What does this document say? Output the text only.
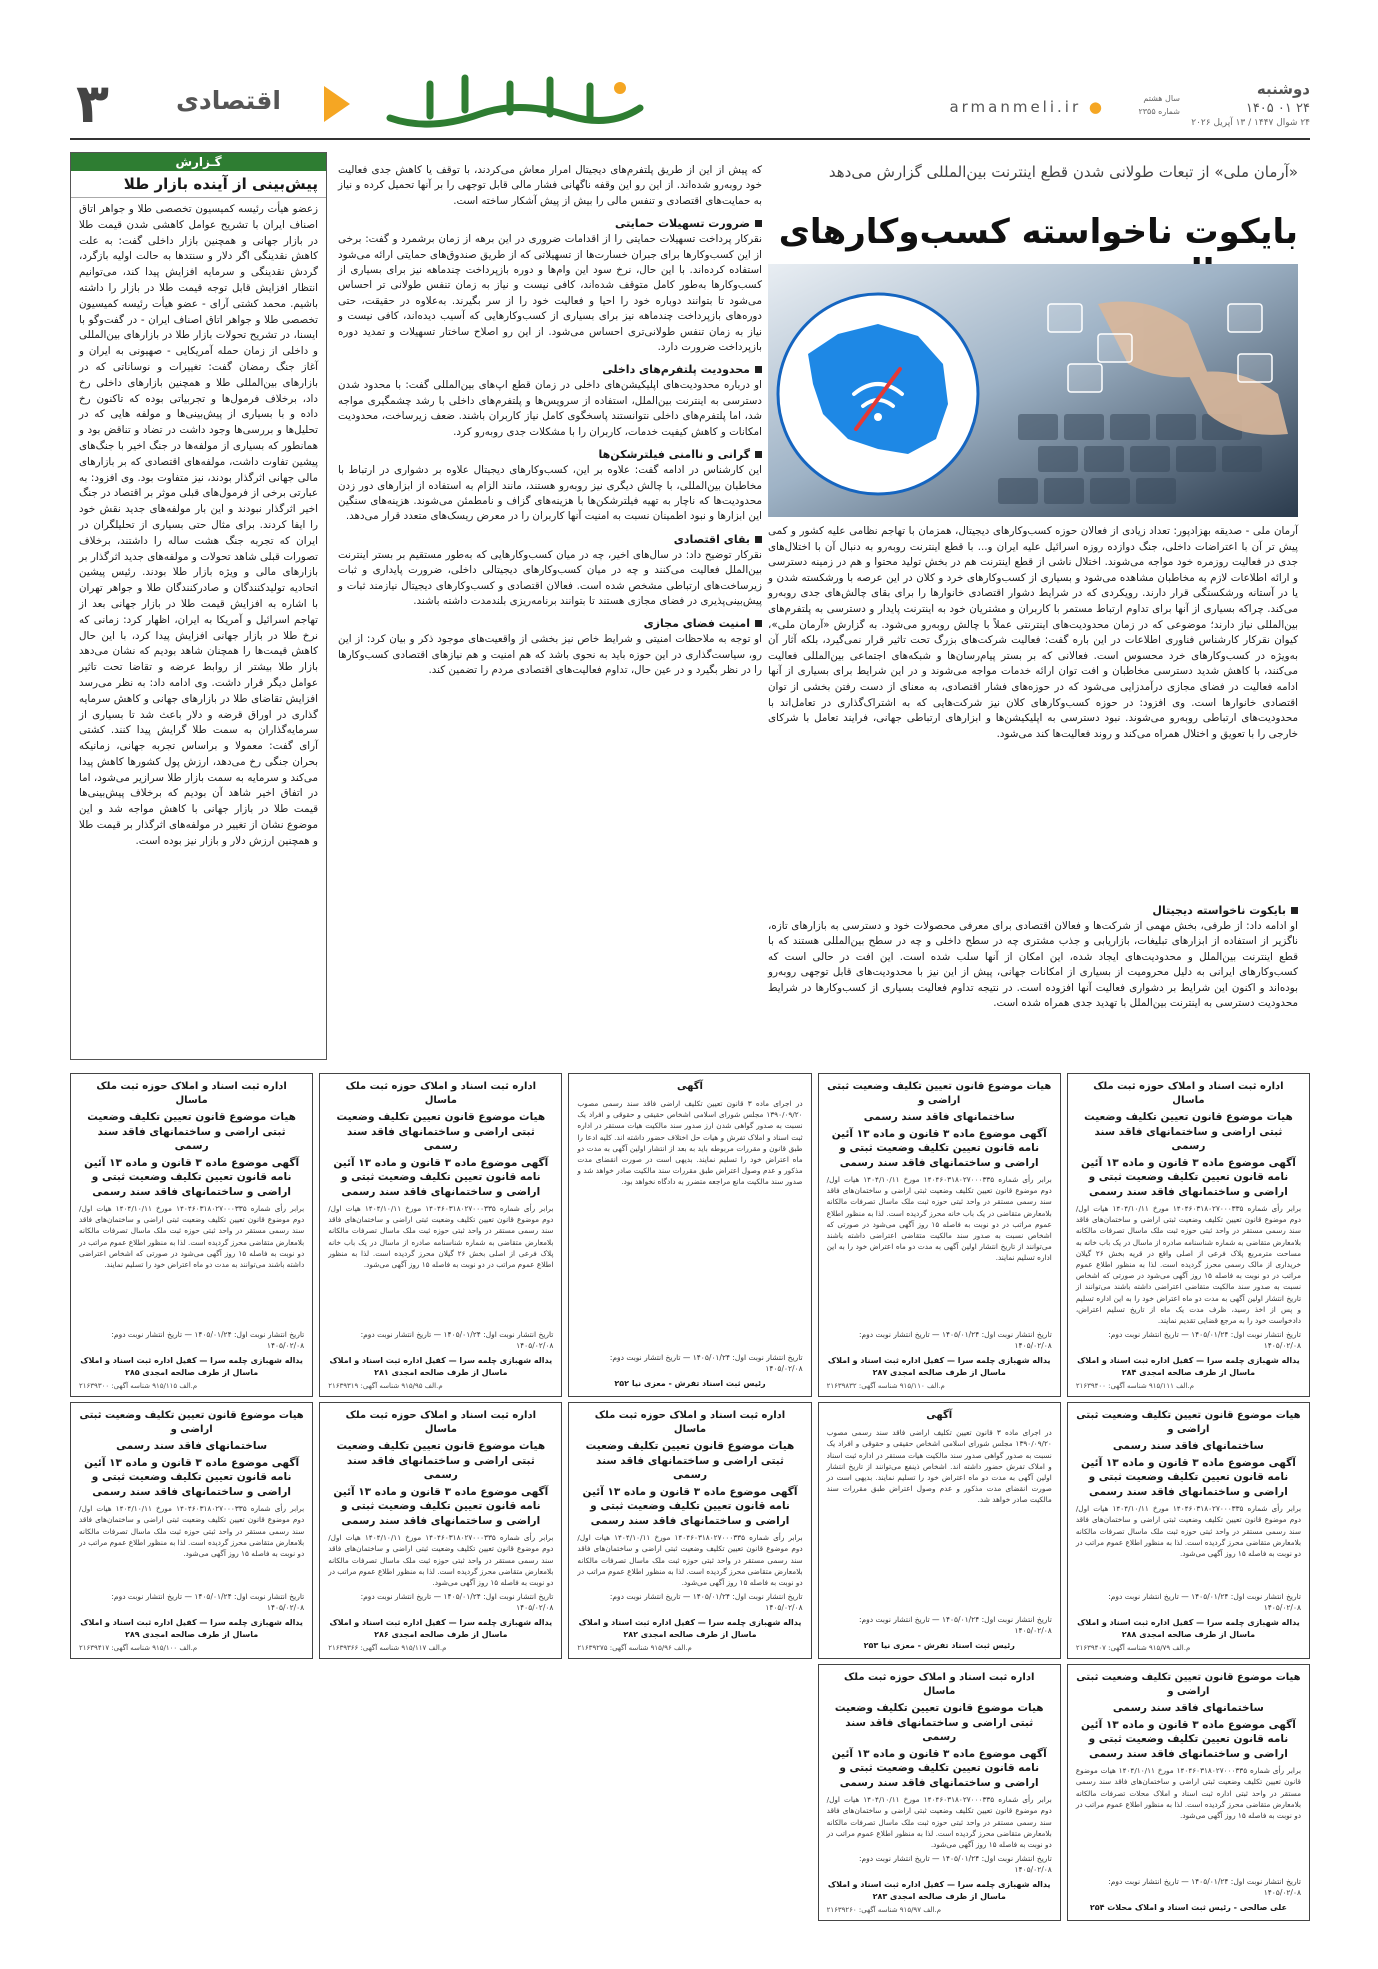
دوشنبه
۲۴ ۰۱ ۱۴۰۵
۲۴ شوال ۱۴۴۷ / ۱۳ آپریل ۲۰۲۶
سال هشتم
شماره ۲۳۵۵
armanmeli.ir ●
اقتصادی
۳
گـزارش
پیش‌بینی از آینده بازار طلا
زعضو هیأت رئیسه کمیسیون تخصصی طلا و جواهر اتاق اصناف ایران با تشریح عوامل کاهشی شدن قیمت طلا در بازار جهانی و همچنین بازار داخلی گفت: به علت کاهش نقدینگی اگر دلار و سنتدها به حالت اولیه بازگرد، گردش نقدینگی و سرمایه افزایش پیدا کند، می‌توانیم انتظار افزایش قابل توجه قیمت طلا در بازار را داشته باشیم. محمد کشتی آرای - عضو هیأت رئیسه کمیسیون تخصصی طلا و جواهر اتاق اصناف ایران - در گفت‌وگو با ایسنا، در تشریح تحولات بازار طلا در بازارهای بین‌المللی و داخلی از زمان حمله آمریکایی - صهیونی به ایران و آغاز جنگ رمضان گفت: تغییرات و نوساناتی که در بازارهای بین‌المللی طلا و همچنین بازارهای داخلی رخ داد، برخلاف فرمول‌ها و تجربیاتی بوده که تاکنون رخ داده و با بسیاری از پیش‌بینی‌ها و مولفه هایی که در تحلیل‌ها و بررسی‌ها وجود داشت در تضاد و تناقض بود و همانطور که بسیاری از مولفه‌ها در جنگ اخیر با جنگ‌های پیشین تفاوت داشت، مولفه‌های اقتصادی که بر بازارهای مالی جهانی اثرگذار بودند، نیز متفاوت بود. وی افزود: به عبارتی برخی از فرمول‌های قبلی موثر بر اقتصاد در جنگ اخیر اثرگذار نبودند و این بار مولفه‌های جدید نقش خود را ایفا کردند. برای مثال حتی بسیاری از تحلیلگران در ایران که تجربه جنگ هشت ساله را داشتند، برخلاف تصورات قبلی شاهد تحولات و مولفه‌های جدید اثرگذار بر بازارهای مالی و ویژه بازار طلا بودند. رئیس پیشین اتحادیه تولیدکنندگان و صادرکنندگان طلا و جواهر تهران با اشاره به افزایش قیمت طلا در بازار جهانی بعد از تهاجم اسرائیل و آمریکا به ایران، اظهار کرد: زمانی که نرخ طلا در بازار جهانی افزایش پیدا کرد، با این حال کاهش قیمت‌ها را همچنان شاهد بودیم که نشان می‌دهد بازار طلا بیشتر از روابط عرضه و تقاضا تحت تاثیر عوامل دیگر قرار داشت. وی ادامه داد: به نظر می‌رسد افزایش تقاضای طلا در بازارهای جهانی و کاهش سرمایه گذاری در اوراق قرضه و دلار باعث شد تا بسیاری از سرمایه‌گذاران به سمت طلا گرایش پیدا کنند. کشتی آرای گفت: معمولا و براساس تجربه جهانی، زمانیکه بحران جنگی رخ می‌دهد، ارزش پول کشورها کاهش پیدا می‌کند و سرمایه به سمت بازار طلا سرازیر می‌شود، اما در اتفاق اخیر شاهد آن بودیم که برخلاف پیش‌بینی‌ها قیمت طلا در بازار جهانی با کاهش مواجه شد و این موضوع نشان از تغییر در مولفه‌های اثرگذار بر قیمت طلا و همچنین ارزش دلار و بازار نیز بوده است.

که پیش از این از طریق پلتفرم‌های دیجیتال امرار معاش می‌کردند، با توقف یا کاهش جدی فعالیت خود روبه‌رو شده‌اند. از این رو این وقفه ناگهانی فشار مالی قابل توجهی را بر آنها تحمیل کرده و نیاز به حمایت‌های اقتصادی و تنفس مالی را بیش از پیش آشکار ساخته است.

ضرورت تسهیلات حمایتی

نقرکار پرداخت تسهیلات حمایتی را از اقدامات ضروری در این برهه از زمان برشمرد و گفت: برخی از این کسب‌وکارها برای جبران خسارت‌ها از تسهیلاتی که از طریق صندوق‌های حمایتی ارائه می‌شود استفاده کرده‌اند. با این حال، نرخ سود این وام‌ها و دوره بازپرداخت چندماهه نیز برای بسیاری از کسب‌وکارها به‌طور کامل متوقف شده‌اند، کافی نیست و نیاز به زمان تنفس طولانی تر احساس می‌شود تا بتوانند دوباره خود را احیا و فعالیت خود را از سر بگیرند. به‌علاوه در حقیقت، حتی دوره‌های بازپرداخت چندماهه نیز برای بسیاری از کسب‌وکارهایی که آسیب دیده‌اند، کافی نیست و نیاز به زمان تنفس طولانی‌تری احساس می‌شود. از این رو اصلاح ساختار تسهیلات و تمدید دوره بازپرداخت ضرورت دارد.

محدودیت پلتفرم‌های داخلی

او درباره محدودیت‌های اپلیکیشن‌های داخلی در زمان قطع اپ‌های بین‌المللی گفت: با محدود شدن دسترسی به اینترنت بین‌الملل، استفاده از سرویس‌ها و پلتفرم‌های داخلی با رشد چشمگیری مواجه شد، اما پلتفرم‌های داخلی نتوانستند پاسخگوی کامل نیاز کاربران باشند. ضعف زیرساخت، محدودیت امکانات و کاهش کیفیت خدمات، کاربران را با مشکلات جدی روبه‌رو کرد.

گرانی و ناامنی فیلترشکن‌ها

این کارشناس در ادامه گفت: علاوه بر این، کسب‌وکارهای دیجیتال علاوه بر دشواری در ارتباط با مخاطبان بین‌المللی، با چالش دیگری نیز روبه‌رو هستند، مانند الزام به استفاده از ابزارهای دور زدن محدودیت‌ها که ناچار به تهیه فیلترشکن‌ها با هزینه‌های گزاف و نامطمئن می‌شوند. هزینه‌های سنگین این ابزارها و نبود اطمینان نسبت به امنیت آنها کاربران را در معرض ریسک‌های متعدد قرار می‌دهد.

بقای اقتصادی

نقرکار توضیح داد: در سال‌های اخیر، چه در میان کسب‌وکارهایی که به‌طور مستقیم بر بستر اینترنت بین‌الملل فعالیت می‌کنند و چه در میان کسب‌وکارهای دیجیتالی داخلی، ضرورت پایداری و ثبات زیرساخت‌های ارتباطی مشخص شده است. فعالان اقتصادی و کسب‌وکارهای دیجیتال نیازمند ثبات و پیش‌بینی‌پذیری در فضای مجازی هستند تا بتوانند برنامه‌ریزی بلندمدت داشته باشند.

امنیت فضای مجازی

او توجه به ملاحظات امنیتی و شرایط خاص نیز بخشی از واقعیت‌های موجود ذکر و بیان کرد: از این رو، سیاست‌گذاری در این حوزه باید به نحوی باشد که هم امنیت و هم نیازهای اقتصادی کسب‌وکارها را در نظر بگیرد و در عین حال، تداوم فعالیت‌های اقتصادی مردم را تضمین کند.

«آرمان ملی» از تبعات طولانی شدن قطع اینترنت بین‌المللی گزارش می‌دهد
بایکوت ناخواسته کسب‌وکارهای
آرمان ملی - صدیقه بهزادپور: تعداد زیادی از فعالان حوزه کسب‌وکارهای دیجیتال، همزمان با تهاجم نظامی علیه کشور و کمی پیش تر آن با اعتراضات داخلی، جنگ دوازده روزه اسرائیل علیه ایران و... با قطع اینترنت روبه‌رو به دنبال آن با اختلال‌های جدی در فعالیت روزمره خود مواجه می‌شوند. اختلال ناشی از قطع اینترنت هم در بخش تولید محتوا و هم در زمینه دسترسی و ارائه اطلاعات لازم به مخاطبان مشاهده می‌شود و بسیاری از کسب‌وکارهای خرد و کلان در این عرصه با ورشکسته شدن و یا در آستانه ورشکستگی قرار دارند. رویکردی که در شرایط دشوار اقتصادی خانوارها را برای بقای چالش‌های جدی روبه‌رو می‌کند. چراکه بسیاری از آنها برای تداوم ارتباط مستمر با کاربران و مشتریان خود به اینترنت پایدار و دسترسی به پلتفرم‌های بین‌المللی نیاز دارند؛ موضوعی که در زمان محدودیت‌های اینترنتی عملاً با چالش روبه‌رو می‌شود. به گزارش «آرمان ملی»، کیوان نقرکار کارشناس فناوری اطلاعات در این باره گفت: فعالیت شرکت‌های بزرگ تحت تاثیر قرار نمی‌گیرد، بلکه آثار آن به‌ویژه در کسب‌وکارهای خرد محسوس است. فعالانی که بر بستر پیام‌رسان‌ها و شبکه‌های اجتماعی بین‌المللی فعالیت می‌کنند، با کاهش شدید دسترسی مخاطبان و افت توان ارائه خدمات مواجه می‌شوند و در این شرایط برای بسیاری از آنها ادامه فعالیت در فضای مجازی درآمدزایی می‌شود که در حوزه‌های فشار اقتصادی، به معنای از دست رفتن بخشی از توان اقتصادی خانوارها است. وی افزود: در حوزه کسب‌وکارهای کلان نیز شرکت‌هایی که به اشتراک‌گذاری در تعامل‌اند با محدودیت‌های ارتباطی روبه‌رو می‌شوند. نبود دسترسی به اپلیکیشن‌ها و ابزارهای ارتباطی جهانی، فرایند تعامل با شرکای خارجی را با تعویق و اختلال همراه می‌کند و روند فعالیت‌ها کند می‌شود.
بایکوت ناخواسته دیجیتال

او ادامه داد: از طرفی، بخش مهمی از شرکت‌ها و فعالان اقتصادی برای معرفی محصولات خود و دسترسی به بازارهای تازه، ناگزیر از استفاده از ابزارهای تبلیغات، بازاریابی و جذب مشتری چه در سطح داخلی و چه در سطح بین‌المللی هستند که با قطع اینترنت بین‌الملل و محدودیت‌های ایجاد شده، این امکان از آنها سلب شده است. این افت در حالی است که کسب‌وکارهای ایرانی به دلیل محرومیت از بسیاری از امکانات جهانی، پیش از این نیز با محدودیت‌های قابل توجهی روبه‌رو بوده‌اند و اکنون این شرایط بر دشواری فعالیت آنها افزوده است. در نتیجه تداوم فعالیت بسیاری از کسب‌وکارها در شرایط محدودیت دسترسی به اینترنت بین‌الملل با تهدید جدی همراه شده است.

اداره ثبت اسناد و املاک حوزه ثبت ملک ماسال
هیات موضوع قانون تعیین تکلیف وضعیت ثبتی اراضی و ساختمانهای فاقد سند رسمی
آگهی موضوع ماده ۳ قانون و ماده ۱۳ آئین نامه قانون تعیین تکلیف وضعیت ثبتی و اراضی و ساختمانهای فاقد سند رسمی
برابر رأی شماره ۱۴۰۴۶۰۳۱۸۰۲۷۰۰۰۳۳۵ مورخ ۱۴۰۴/۱۰/۱۱ هیات اول/ دوم موضوع قانون تعیین تکلیف وضعیت ثبتی اراضی و ساختمان‌های فاقد سند رسمی مستقر در واحد ثبتی حوزه ثبت ملک ماسال تصرفات مالکانه بلامعارض متقاضی به شماره شناسنامه صادره از ماسال در یک باب خانه به مساحت مترمربع پلاک فرعی از اصلی واقع در قریه بخش ۲۶ گیلان خریداری از مالک رسمی محرز گردیده است. لذا به منظور اطلاع عموم مراتب در دو نوبت به فاصله ۱۵ روز آگهی می‌شود در صورتی که اشخاص نسبت به صدور سند مالکیت متقاضی اعتراضی داشته باشند می‌توانند از تاریخ انتشار اولین آگهی به مدت دو ماه اعتراض خود را به این اداره تسلیم و پس از اخذ رسید، ظرف مدت یک ماه از تاریخ تسلیم اعتراض، دادخواست خود را به مرجع قضایی تقدیم نمایند.
تاریخ انتشار نوبت اول: ۱۴۰۵/۰۱/۲۴ — تاریخ انتشار نوبت دوم: ۱۴۰۵/۰۲/۰۸
یداله شهبازی چلمه سرا — کفیل اداره ثبت اسناد و املاک ماسال از طرف صالحه امجدی ۲۸۴
م.الف ۹۱۵/۱۱۱ شناسه آگهی: ۲۱۶۳۹۴۰۰
هیات موضوع قانون تعیین تکلیف وضعیت ثبتی اراضی و
ساختمانهای فاقد سند رسمی
آگهی موضوع ماده ۳ قانون و ماده ۱۳ آئین نامه قانون تعیین تکلیف وضعیت ثبتی و اراضی و ساختمانهای فاقد سند رسمی
برابر رأی شماره ۱۴۰۴۶۰۳۱۸۰۲۷۰۰۰۳۳۵ مورخ ۱۴۰۴/۱۰/۱۱ هیات اول/ دوم موضوع قانون تعیین تکلیف وضعیت ثبتی اراضی و ساختمان‌های فاقد سند رسمی مستقر در واحد ثبتی حوزه ثبت ملک ماسال تصرفات مالکانه بلامعارض متقاضی در یک باب خانه محرز گردیده است. لذا به منظور اطلاع عموم مراتب در دو نوبت به فاصله ۱۵ روز آگهی می‌شود در صورتی که اشخاص نسبت به صدور سند مالکیت متقاضی اعتراضی داشته باشند می‌توانند از تاریخ انتشار اولین آگهی به مدت دو ماه اعتراض خود را به این اداره تسلیم نمایند.
تاریخ انتشار نوبت اول: ۱۴۰۵/۰۱/۲۴ — تاریخ انتشار نوبت دوم: ۱۴۰۵/۰۲/۰۸
یداله شهبازی چلمه سرا — کفیل اداره ثبت اسناد و املاک ماسال از طرف صالحه امجدی ۲۸۷
م.الف ۹۱۵/۱۱۰ شناسه آگهی: ۲۱۶۳۹۸۳۲
آگهی
در اجرای ماده ۳ قانون تعیین تکلیف اراضی فاقد سند رسمی مصوب ۱۳۹۰/۰۹/۲۰ مجلس شورای اسلامی اشخاص حقیقی و حقوقی و افراد یک نسبت به صدور گواهی شدن ارز صدور سند مالکیت هیات مستقر در اداره ثبت اسناد و املاک تفرش و هیات حل اختلاف حضور داشته اند. کلیه ادعا را طبق قانون و مقررات مربوطه باید به بعد از انتشار اولین آگهی به مدت دو ماه اعتراض خود را تسلیم نمایند. بدیهی است در صورت انقضای مدت مذکور و عدم وصول اعتراض طبق مقررات سند مالکیت صادر خواهد شد و صدور سند مالکیت مانع مراجعه متضرر به دادگاه نخواهد بود.
تاریخ انتشار نوبت اول: ۱۴۰۵/۰۱/۲۴ — تاریخ انتشار نوبت دوم: ۱۴۰۵/۰۲/۰۸
رئیس ثبت اسناد تفرش - معزی نیا ۲۵۲
اداره ثبت اسناد و املاک حوزه ثبت ملک ماسال
هیات موضوع قانون تعیین تکلیف وضعیت ثبتی اراضی و ساختمانهای فاقد سند رسمی
آگهی موضوع ماده ۳ قانون و ماده ۱۳ آئین نامه قانون تعیین تکلیف وضعیت ثبتی و اراضی و ساختمانهای فاقد سند رسمی
برابر رأی شماره ۱۴۰۴۶۰۳۱۸۰۲۷۰۰۰۳۳۵ مورخ ۱۴۰۴/۱۰/۱۱ هیات اول/ دوم موضوع قانون تعیین تکلیف وضعیت ثبتی اراضی و ساختمان‌های فاقد سند رسمی مستقر در واحد ثبتی حوزه ثبت ملک ماسال تصرفات مالکانه بلامعارض متقاضی به شماره شناسنامه صادره از ماسال در یک باب خانه پلاک فرعی از اصلی بخش ۲۶ گیلان محرز گردیده است. لذا به منظور اطلاع عموم مراتب در دو نوبت به فاصله ۱۵ روز آگهی می‌شود.
تاریخ انتشار نوبت اول: ۱۴۰۵/۰۱/۲۴ — تاریخ انتشار نوبت دوم: ۱۴۰۵/۰۲/۰۸
یداله شهبازی چلمه سرا — کفیل اداره ثبت اسناد و املاک ماسال از طرف صالحه امجدی ۲۸۱
م.الف ۹۱۵/۹۵ شناسه آگهی: ۲۱۶۳۹۳۱۹
اداره ثبت اسناد و املاک حوزه ثبت ملک ماسال
هیات موضوع قانون تعیین تکلیف وضعیت ثبتی اراضی و ساختمانهای فاقد سند رسمی
آگهی موضوع ماده ۳ قانون و ماده ۱۳ آئین نامه قانون تعیین تکلیف وضعیت ثبتی و اراضی و ساختمانهای فاقد سند رسمی
برابر رأی شماره ۱۴۰۴۶۰۳۱۸۰۲۷۰۰۰۳۳۵ مورخ ۱۴۰۴/۱۰/۱۱ هیات اول/ دوم موضوع قانون تعیین تکلیف وضعیت ثبتی اراضی و ساختمان‌های فاقد سند رسمی مستقر در واحد ثبتی حوزه ثبت ملک ماسال تصرفات مالکانه بلامعارض متقاضی محرز گردیده است. لذا به منظور اطلاع عموم مراتب در دو نوبت به فاصله ۱۵ روز آگهی می‌شود در صورتی که اشخاص اعتراضی داشته باشند می‌توانند به مدت دو ماه اعتراض خود را تسلیم نمایند.
تاریخ انتشار نوبت اول: ۱۴۰۵/۰۱/۲۴ — تاریخ انتشار نوبت دوم: ۱۴۰۵/۰۲/۰۸
یداله شهبازی چلمه سرا — کفیل اداره ثبت اسناد و املاک ماسال از طرف صالحه امجدی ۲۸۵
م.الف ۹۱۵/۱۱۵ شناسه آگهی: ۲۱۶۳۹۳۰۰
هیات موضوع قانون تعیین تکلیف وضعیت ثبتی اراضی و
ساختمانهای فاقد سند رسمی
آگهی موضوع ماده ۳ قانون و ماده ۱۳ آئین نامه قانون تعیین تکلیف وضعیت ثبتی و اراضی و ساختمانهای فاقد سند رسمی
برابر رأی شماره ۱۴۰۴۶۰۳۱۸۰۲۷۰۰۰۳۳۵ مورخ ۱۴۰۴/۱۰/۱۱ هیات اول/ دوم موضوع قانون تعیین تکلیف وضعیت ثبتی اراضی و ساختمان‌های فاقد سند رسمی مستقر در واحد ثبتی حوزه ثبت ملک ماسال تصرفات مالکانه بلامعارض متقاضی محرز گردیده است. لذا به منظور اطلاع عموم مراتب در دو نوبت به فاصله ۱۵ روز آگهی می‌شود.
تاریخ انتشار نوبت اول: ۱۴۰۵/۰۱/۲۴ — تاریخ انتشار نوبت دوم: ۱۴۰۵/۰۲/۰۸
یداله شهبازی چلمه سرا — کفیل اداره ثبت اسناد و املاک ماسال از طرف صالحه امجدی ۲۸۸
م.الف ۹۱۵/۷۹ شناسه آگهی: ۲۱۶۳۹۴۰۷
آگهی
در اجرای ماده ۳ قانون تعیین تکلیف اراضی فاقد سند رسمی مصوب ۱۳۹۰/۰۹/۲۰ مجلس شورای اسلامی اشخاص حقیقی و حقوقی و افراد یک نسبت به صدور گواهی صدور سند مالکیت هیات مستقر در اداره ثبت اسناد و املاک تفرش حضور داشته اند. اشخاص ذینفع می‌توانند از تاریخ انتشار اولین آگهی به مدت دو ماه اعتراض خود را تسلیم نمایند. بدیهی است در صورت انقضای مدت مذکور و عدم وصول اعتراض طبق مقررات سند مالکیت صادر خواهد شد.
تاریخ انتشار نوبت اول: ۱۴۰۵/۰۱/۲۴ — تاریخ انتشار نوبت دوم: ۱۴۰۵/۰۲/۰۸
رئیس ثبت اسناد تفرش - معزی نیا ۲۵۳
اداره ثبت اسناد و املاک حوزه ثبت ملک ماسال
هیات موضوع قانون تعیین تکلیف وضعیت ثبتی اراضی و ساختمانهای فاقد سند رسمی
آگهی موضوع ماده ۳ قانون و ماده ۱۳ آئین نامه قانون تعیین تکلیف وضعیت ثبتی و اراضی و ساختمانهای فاقد سند رسمی
برابر رأی شماره ۱۴۰۴۶۰۳۱۸۰۲۷۰۰۰۳۳۵ مورخ ۱۴۰۴/۱۰/۱۱ هیات اول/ دوم موضوع قانون تعیین تکلیف وضعیت ثبتی اراضی و ساختمان‌های فاقد سند رسمی مستقر در واحد ثبتی حوزه ثبت ملک ماسال تصرفات مالکانه بلامعارض متقاضی محرز گردیده است. لذا به منظور اطلاع عموم مراتب در دو نوبت به فاصله ۱۵ روز آگهی می‌شود.
تاریخ انتشار نوبت اول: ۱۴۰۵/۰۱/۲۴ — تاریخ انتشار نوبت دوم: ۱۴۰۵/۰۲/۰۸
یداله شهبازی چلمه سرا — کفیل اداره ثبت اسناد و املاک ماسال از طرف صالحه امجدی ۲۸۲
م.الف ۹۱۵/۹۶ شناسه آگهی: ۲۱۶۳۹۲۷۵
اداره ثبت اسناد و املاک حوزه ثبت ملک ماسال
هیات موضوع قانون تعیین تکلیف وضعیت ثبتی اراضی و ساختمانهای فاقد سند رسمی
آگهی موضوع ماده ۳ قانون و ماده ۱۳ آئین نامه قانون تعیین تکلیف وضعیت ثبتی و اراضی و ساختمانهای فاقد سند رسمی
برابر رأی شماره ۱۴۰۴۶۰۳۱۸۰۲۷۰۰۰۳۳۵ مورخ ۱۴۰۴/۱۰/۱۱ هیات اول/ دوم موضوع قانون تعیین تکلیف وضعیت ثبتی اراضی و ساختمان‌های فاقد سند رسمی مستقر در واحد ثبتی حوزه ثبت ملک ماسال تصرفات مالکانه بلامعارض متقاضی محرز گردیده است. لذا به منظور اطلاع عموم مراتب در دو نوبت به فاصله ۱۵ روز آگهی می‌شود.
تاریخ انتشار نوبت اول: ۱۴۰۵/۰۱/۲۴ — تاریخ انتشار نوبت دوم: ۱۴۰۵/۰۲/۰۸
یداله شهبازی چلمه سرا — کفیل اداره ثبت اسناد و املاک ماسال از طرف صالحه امجدی ۲۸۶
م.الف ۹۱۵/۱۱۷ شناسه آگهی: ۲۱۶۳۹۳۶۶
هیات موضوع قانون تعیین تکلیف وضعیت ثبتی اراضی و
ساختمانهای فاقد سند رسمی
آگهی موضوع ماده ۳ قانون و ماده ۱۳ آئین نامه قانون تعیین تکلیف وضعیت ثبتی و اراضی و ساختمانهای فاقد سند رسمی
برابر رأی شماره ۱۴۰۴۶۰۳۱۸۰۲۷۰۰۰۳۳۵ مورخ ۱۴۰۴/۱۰/۱۱ هیات اول/ دوم موضوع قانون تعیین تکلیف وضعیت ثبتی اراضی و ساختمان‌های فاقد سند رسمی مستقر در واحد ثبتی حوزه ثبت ملک ماسال تصرفات مالکانه بلامعارض متقاضی محرز گردیده است. لذا به منظور اطلاع عموم مراتب در دو نوبت به فاصله ۱۵ روز آگهی می‌شود.
تاریخ انتشار نوبت اول: ۱۴۰۵/۰۱/۲۴ — تاریخ انتشار نوبت دوم: ۱۴۰۵/۰۲/۰۸
یداله شهبازی چلمه سرا — کفیل اداره ثبت اسناد و املاک ماسال از طرف صالحه امجدی ۲۸۹
م.الف ۹۱۵/۱۰۰ شناسه آگهی: ۲۱۶۳۹۴۱۷
هیات موضوع قانون تعیین تکلیف وضعیت ثبتی اراضی و
ساختمانهای فاقد سند رسمی
آگهی موضوع ماده ۳ قانون و ماده ۱۳ آئین نامه قانون تعیین تکلیف وضعیت ثبتی و اراضی و ساختمانهای فاقد سند رسمی
برابر رأی شماره ۱۴۰۴۶۰۳۱۸۰۲۷۰۰۰۳۳۵ مورخ ۱۴۰۴/۱۰/۱۱ هیات موضوع قانون تعیین تکلیف وضعیت ثبتی اراضی و ساختمان‌های فاقد سند رسمی مستقر در واحد ثبتی اداره ثبت اسناد و املاک محلات تصرفات مالکانه بلامعارض متقاضی محرز گردیده است. لذا به منظور اطلاع عموم مراتب در دو نوبت به فاصله ۱۵ روز آگهی می‌شود.
تاریخ انتشار نوبت اول: ۱۴۰۵/۰۱/۲۴ — تاریخ انتشار نوبت دوم: ۱۴۰۵/۰۲/۰۸
علی صالحی - رئیس ثبت اسناد و املاک محلات ۲۵۴
اداره ثبت اسناد و املاک حوزه ثبت ملک ماسال
هیات موضوع قانون تعیین تکلیف وضعیت ثبتی اراضی و ساختمانهای فاقد سند رسمی
آگهی موضوع ماده ۳ قانون و ماده ۱۳ آئین نامه قانون تعیین تکلیف وضعیت ثبتی و اراضی و ساختمانهای فاقد سند رسمی
برابر رأی شماره ۱۴۰۴۶۰۳۱۸۰۲۷۰۰۰۳۳۵ مورخ ۱۴۰۴/۱۰/۱۱ هیات اول/ دوم موضوع قانون تعیین تکلیف وضعیت ثبتی اراضی و ساختمان‌های فاقد سند رسمی مستقر در واحد ثبتی حوزه ثبت ملک ماسال تصرفات مالکانه بلامعارض متقاضی محرز گردیده است. لذا به منظور اطلاع عموم مراتب در دو نوبت به فاصله ۱۵ روز آگهی می‌شود.
تاریخ انتشار نوبت اول: ۱۴۰۵/۰۱/۲۴ — تاریخ انتشار نوبت دوم: ۱۴۰۵/۰۲/۰۸
یداله شهبازی چلمه سرا — کفیل اداره ثبت اسناد و املاک ماسال از طرف صالحه امجدی ۲۸۳
م.الف ۹۱۵/۹۷ شناسه آگهی: ۲۱۶۳۹۲۶۰
